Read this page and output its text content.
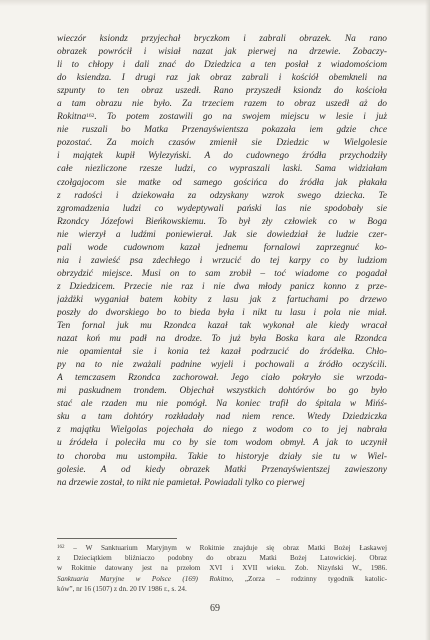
wieczór ksiondz przyjechał bryczkom i zabrali obrazek. Na rano
obrazek powrócił i wisiał nazat jak pierwej na drzewie. Zobaczy-
li to chłopy i dali znać do Dziedzica a ten posłał z wiadomościom
do ksiendza. I drugi raz jak obraz zabrali i kościół obemkneli na
szpunty to ten obraz uszedł. Rano przyszedł ksiondz do kościoła
a tam obrazu nie było. Za trzeciem razem to obraz uszedł aż do
Rokitna$^{162}$. To potem zostawili go na swojem miejscu w lesie i już
nie ruszali bo Matka Przenayświentsza pokazała iem gdzie chce
pozostać. Za moich czasów zmienił sie Dziedzic w Wielgolesie
i majątek kupił Wylezyński. A do cudownego źródła przychodziły
całe niezliczone rzesze ludzi, co wypraszali laski. Sama widziałam
czołgajocom sie matke od samego gościńca do źródła jak płakała
z radości i dziekowała za odzyskany wzrok swego dziecka. Te
zgromadzenia ludzi co wydeptywali pański las nie spodobały sie
Rzondcy Józefowi Bieńkowskiemu. To był zły człowiek co w Boga
nie wierzył a ludźmi poniewierał. Jak sie dowiedział że ludzie czer-
pali wode cudownom kazał jednemu fornalowi zaprzegnuć ko-
nia i zawieść psa zdechłego i wrzucić do tej karpy co by ludziom
obrzydzić miejsce. Musi on to sam zrobił – toć wiadome co pogadał
z Dziedzicem. Przecie nie raz i nie dwa młody panicz konno z prze-
jażdżki wyganiał batem kobity z lasu jak z fartuchami po drzewo
poszły do dworskiego bo to bieda była i nikt tu lasu i pola nie miał.
Ten fornal juk mu Rzondca kazał tak wykonał ale kiedy wracał
nazat koń mu padł na drodze. To już była Boska kara ale Rzondca
nie opamientał sie i konia też kazał podrzucić do źródełka. Chło-
py na to nie zważali padnine wyjeli i pochowali a źródło oczyścili.
A temczasem Rzondca zachorował. Jego ciało pokryło sie wrzoda-
mi paskudnem trondem. Objechał wszystkich dohtórów bo go było
stać ale rzaden mu nie pomógł. Na koniec trafił do śpitala w Mińś-
sku a tam dohtóry rozkładały nad niem rence. Wtedy Dziedziczka
z majątku Wielgolas pojechała do niego z wodom co to jej nabrała
u źródeła i poleciła mu co by sie tom wodom obmył. A jak to uczynił
to choroba mu ustompiła. Takie to historyje działy sie tu w Wiel-
golesie. A od kiedy obrazek Matki Przenayświentszej zawieszony
na drzewie został, to nikt nie pamietał. Powiadali tylko co pierwej
$^{162}$ – W Sanktuarium Maryjnym w Rokitnie znajduje się obraz Matki Bożej Łaskawej
z Dzieciątkiem bliźniaczo podobny do obrazu Matki Bożej Latowickiej. Obraz
w Rokitnie datowany jest na przełom XVI i XVII wieku. Zob. Nizyński W., 1986.
Sanktuaria Maryjne w Polsce (169) Rokitno, „Zorza – rodzinny tygodnik katolic-
ków”, nr 16 (1507) z dn. 20 IV 1986 r., s. 24.
69
